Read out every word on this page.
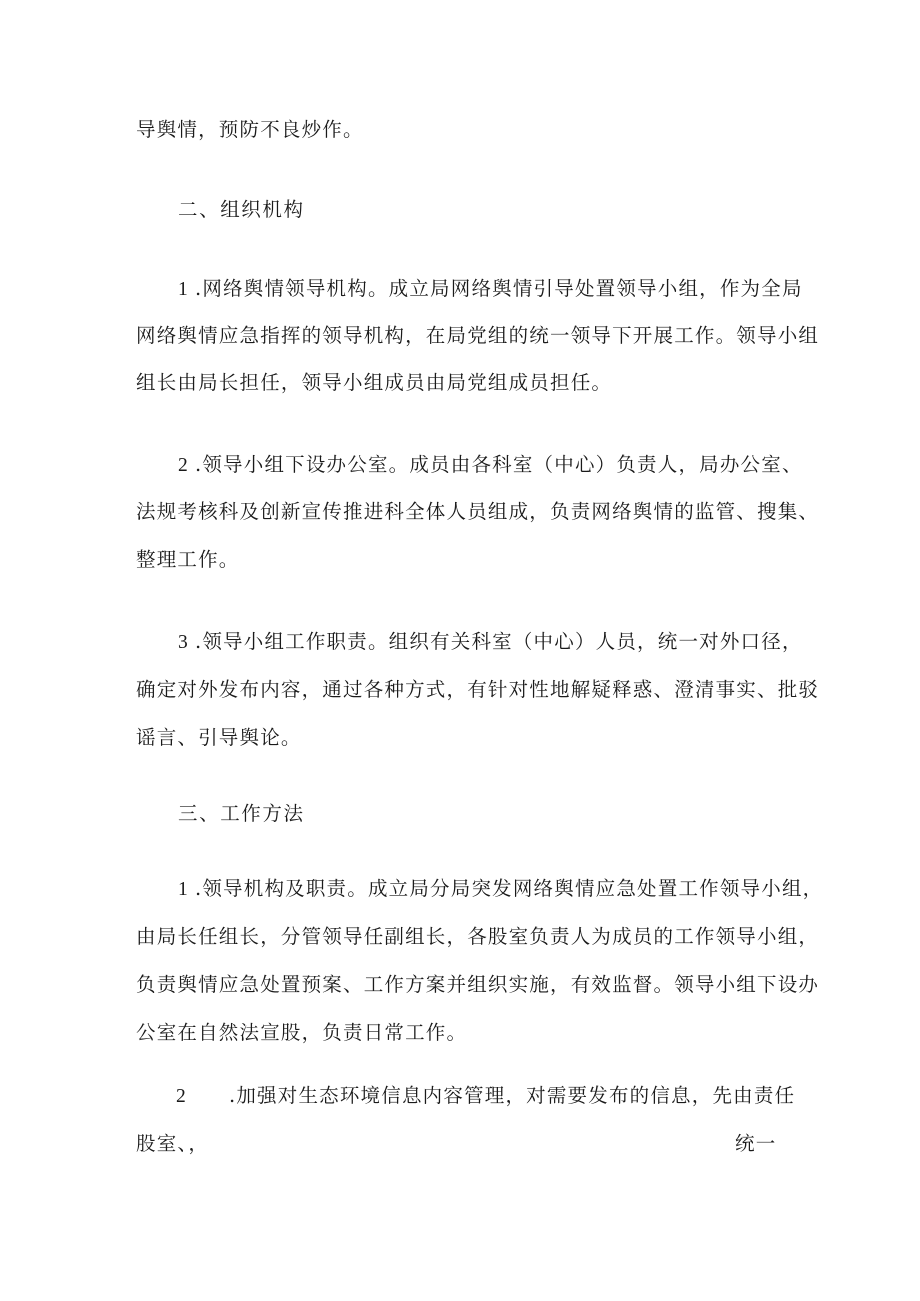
导舆情，预防不良炒作。
二、组织机构
1 .网络舆情领导机构。成立局网络舆情引导处置领导小组，作为全局
网络舆情应急指挥的领导机构，在局党组的统一领导下开展工作。领导小组
组长由局长担任，领导小组成员由局党组成员担任。
2 .领导小组下设办公室。成员由各科室（中心）负责人，局办公室、
法规考核科及创新宣传推进科全体人员组成，负责网络舆情的监管、搜集、
整理工作。
3 .领导小组工作职责。组织有关科室（中心）人员，统一对外口径，
确定对外发布内容，通过各种方式，有针对性地解疑释惑、澄清事实、批驳
谣言、引导舆论。
三、工作方法
1 .领导机构及职责。成立局分局突发网络舆情应急处置工作领导小组，
由局长任组长，分管领导任副组长，各股室负责人为成员的工作领导小组，
负责舆情应急处置预案、工作方案并组织实施，有效监督。领导小组下设办
公室在自然法宣股，负责日常工作。
2 .加强对生态环境信息内容管理，对需要发布的信息，先由责任
股室、，	统一
